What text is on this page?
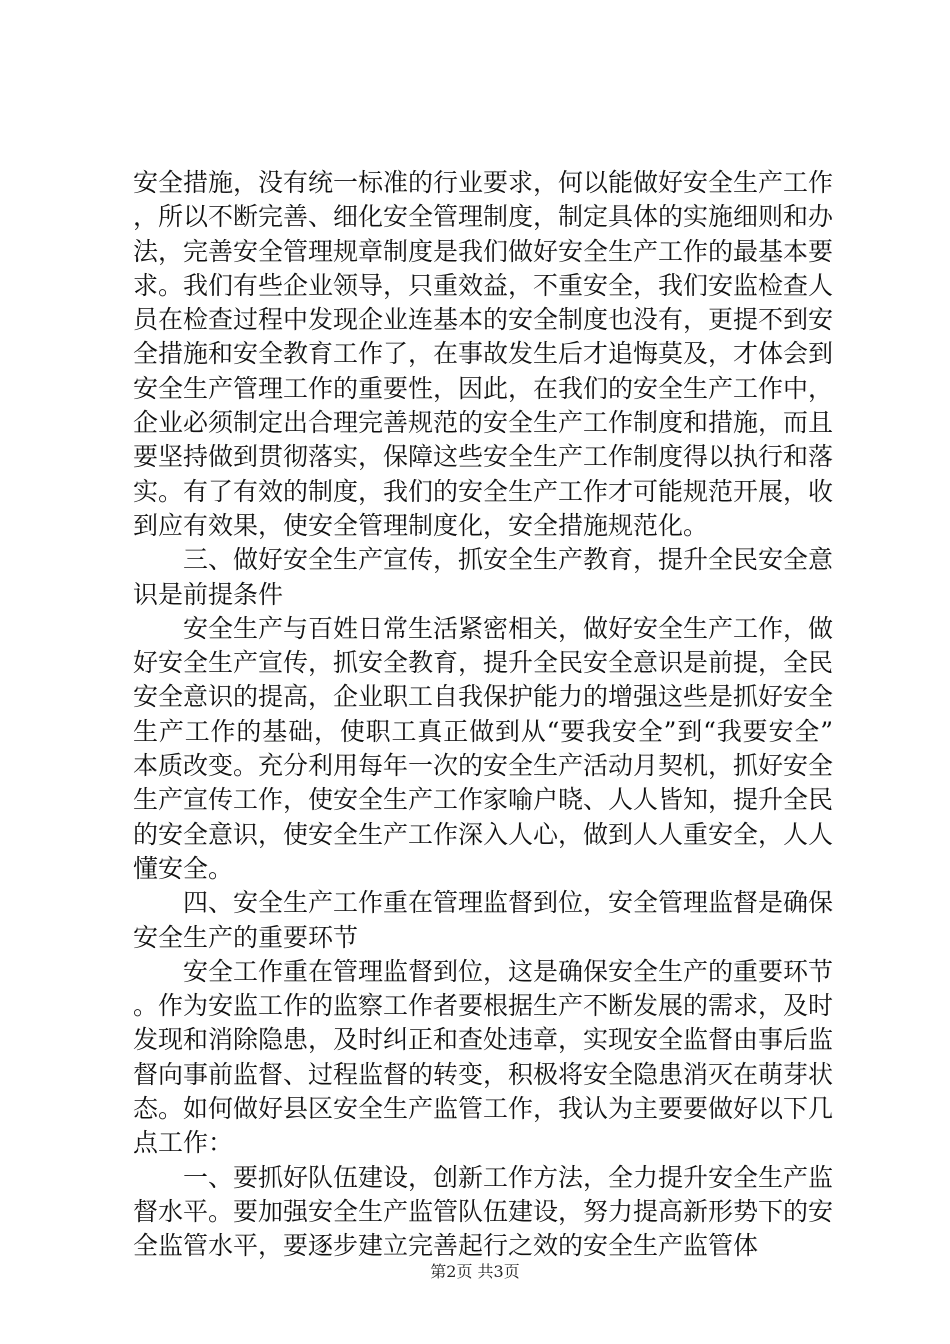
安全措施，没有统一标准的行业要求，何以能做好安全生产工作，所以不断完善、细化安全管理制度，制定具体的实施细则和办法，完善安全管理规章制度是我们做好安全生产工作的最基本要求。我们有些企业领导，只重效益，不重安全，我们安监检查人员在检查过程中发现企业连基本的安全制度也没有，更提不到安全措施和安全教育工作了，在事故发生后才追悔莫及，才体会到安全生产管理工作的重要性，因此，在我们的安全生产工作中，企业必须制定出合理完善规范的安全生产工作制度和措施，而且要坚持做到贯彻落实，保障这些安全生产工作制度得以执行和落实。有了有效的制度，我们的安全生产工作才可能规范开展，收到应有效果，使安全管理制度化，安全措施规范化。

三、做好安全生产宣传，抓安全生产教育，提升全民安全意识是前提条件

安全生产与百姓日常生活紧密相关，做好安全生产工作，做好安全生产宣传，抓安全教育，提升全民安全意识是前提，全民安全意识的提高，企业职工自我保护能力的增强这些是抓好安全生产工作的基础，使职工真正做到从“要我安全”到“我要安全”本质改变。充分利用每年一次的安全生产活动月契机，抓好安全生产宣传工作，使安全生产工作家喻户晓、人人皆知，提升全民的安全意识，使安全生产工作深入人心，做到人人重安全，人人懂安全。

四、安全生产工作重在管理监督到位，安全管理监督是确保安全生产的重要环节

安全工作重在管理监督到位，这是确保安全生产的重要环节。作为安监工作的监察工作者要根据生产不断发展的需求，及时发现和消除隐患，及时纠正和查处违章，实现安全监督由事后监督向事前监督、过程监督的转变，积极将安全隐患消灭在萌芽状态。如何做好县区安全生产监管工作，我认为主要要做好以下几点工作：

一、要抓好队伍建设，创新工作方法，全力提升安全生产监督水平。要加强安全生产监管队伍建设，努力提高新形势下的安全监管水平，要逐步建立完善起行之效的安全生产监管体

第2页 共3页
